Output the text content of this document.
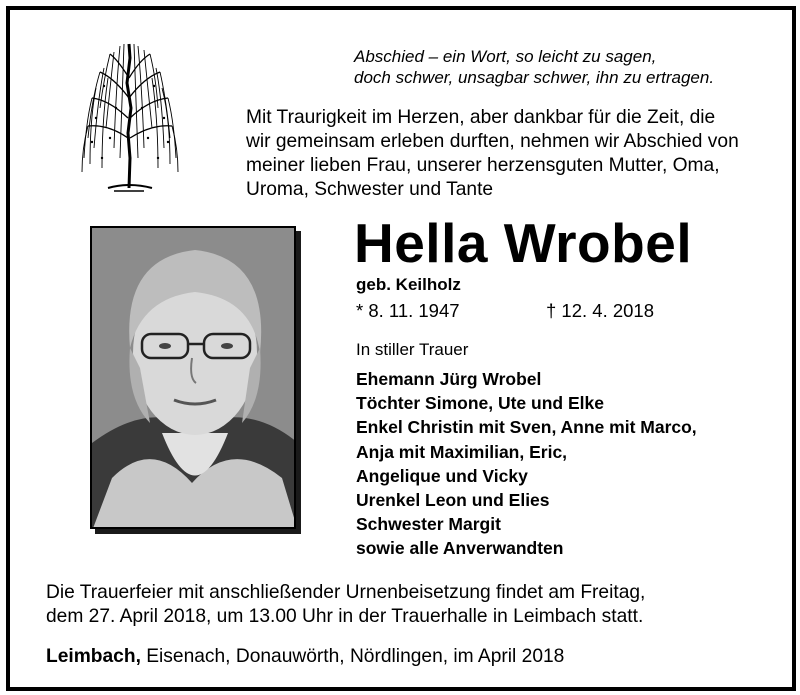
Abschied – ein Wort, so leicht zu sagen,
doch schwer, unsagbar schwer, ihn zu ertragen.
Mit Traurigkeit im Herzen, aber dankbar für die Zeit, die
wir gemeinsam erleben durften, nehmen wir Abschied von
meiner lieben Frau, unserer herzensguten Mutter, Oma,
Uroma, Schwester und Tante
Hella Wrobel
geb. Keilholz
* 8. 11. 1947	† 12. 4. 2018
In stiller Trauer
Ehemann Jürg Wrobel
Töchter Simone, Ute und Elke
Enkel Christin mit Sven, Anne mit Marco,
Anja mit Maximilian, Eric,
Angelique und Vicky
Urenkel Leon und Elies
Schwester Margit
sowie alle Anverwandten
Die Trauerfeier mit anschließender Urnenbeisetzung findet am Freitag,
dem 27. April 2018, um 13.00 Uhr in der Trauerhalle in Leimbach statt.
Leimbach, Eisenach, Donauwörth, Nördlingen, im April 2018
